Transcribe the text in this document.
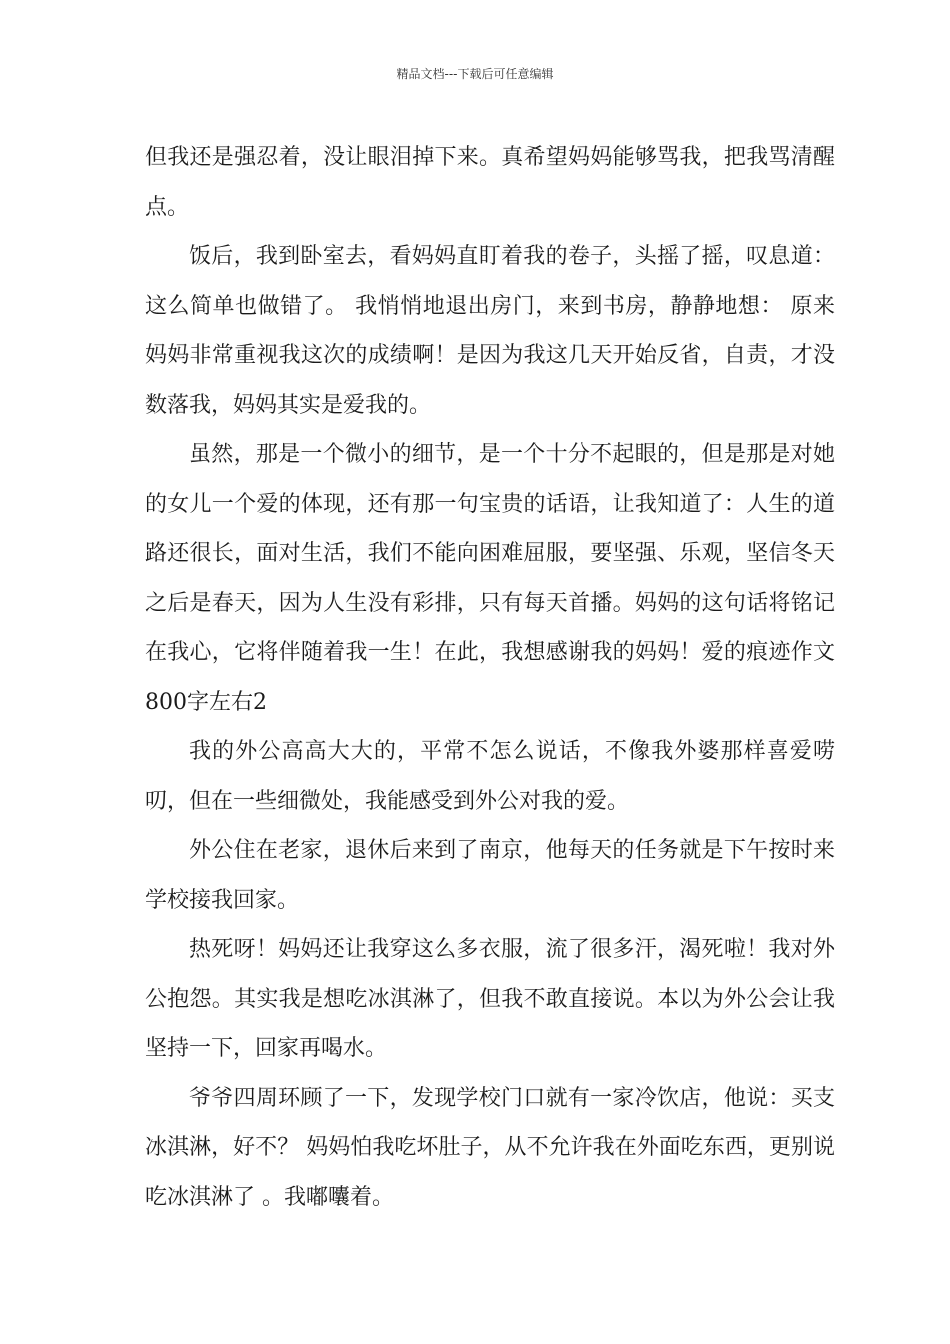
精品文档---下载后可任意编辑

但我还是强忍着，没让眼泪掉下来。真希望妈妈能够骂我，把我骂清醒点。

饭后，我到卧室去，看妈妈直盯着我的卷子，头摇了摇，叹息道： 这么简单也做错了。 我悄悄地退出房门，来到书房，静静地想： 原来妈妈非常重视我这次的成绩啊！是因为我这几天开始反省，自责，才没数落我，妈妈其实是爱我的。

虽然，那是一个微小的细节，是一个十分不起眼的，但是那是对她的女儿一个爱的体现，还有那一句宝贵的话语，让我知道了：人生的道路还很长，面对生活，我们不能向困难屈服，要坚强、乐观，坚信冬天之后是春天，因为人生没有彩排，只有每天首播。妈妈的这句话将铭记在我心，它将伴随着我一生！在此，我想感谢我的妈妈！爱的痕迹作文800字左右2

我的外公高高大大的，平常不怎么说话，不像我外婆那样喜爱唠叨，但在一些细微处，我能感受到外公对我的爱。

外公住在老家，退休后来到了南京，他每天的任务就是下午按时来学校接我回家。

热死呀！妈妈还让我穿这么多衣服，流了很多汗，渴死啦！我对外公抱怨。其实我是想吃冰淇淋了，但我不敢直接说。本以为外公会让我坚持一下，回家再喝水。

爷爷四周环顾了一下，发现学校门口就有一家冷饮店，他说：买支冰淇淋，好不？ 妈妈怕我吃坏肚子，从不允许我在外面吃东西，更别说吃冰淇淋了 。我嘟囔着。
